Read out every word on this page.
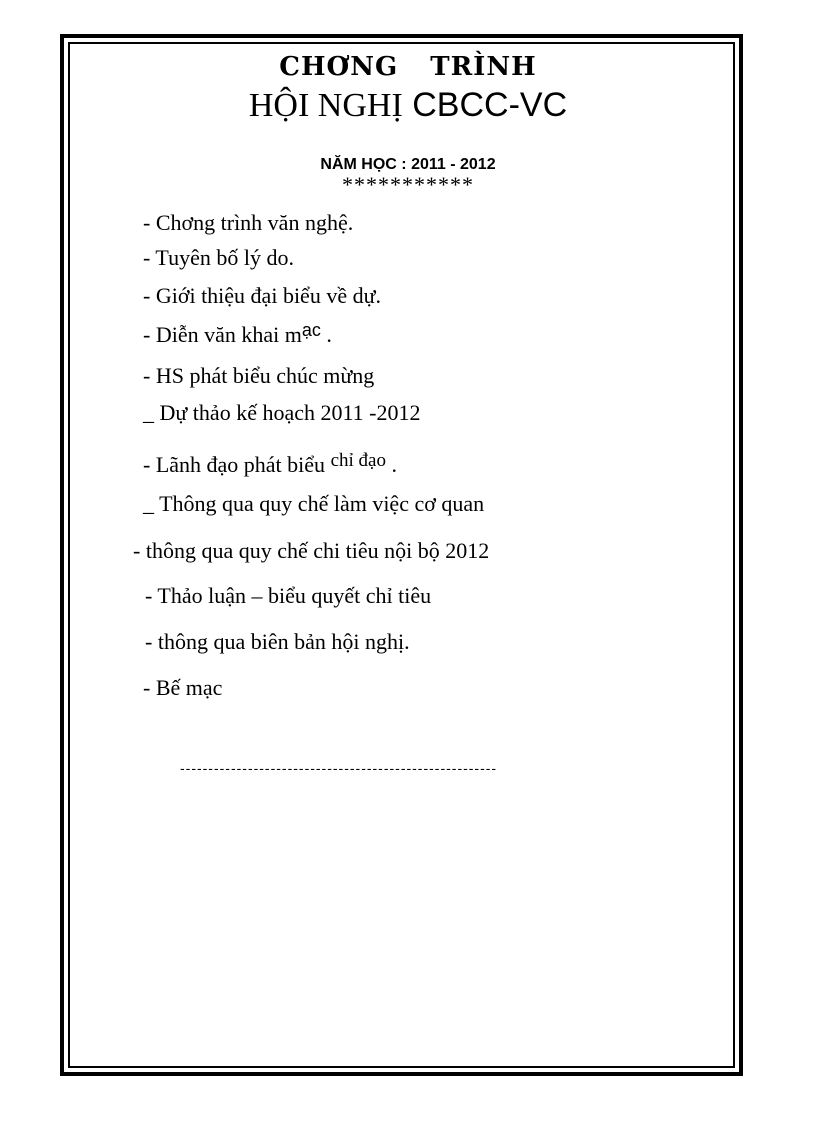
CHƠNG TRÌNH
HỘI NGHỊ CBCC-VC
NĂM HỌC : 2011 - 2012
***********
- Chơng trình văn nghệ.
- Tuyên bố lý do.
- Giới thiệu đại biểu về dự.
- Diễn văn khai $m^{ạc}$ .
- HS phát biểu chúc mừng
_ Dự thảo kế hoạch 2011 -2012
- Lãnh đạo phát biểu chỉ đạo .
_ Thông qua quy chế làm việc cơ quan
- thông qua quy chế chi tiêu nội bộ 2012
- Thảo luận – biểu quyết chỉ tiêu
- thông qua biên bản hội nghị.
- Bế mạc
--------------------------------------------------------
